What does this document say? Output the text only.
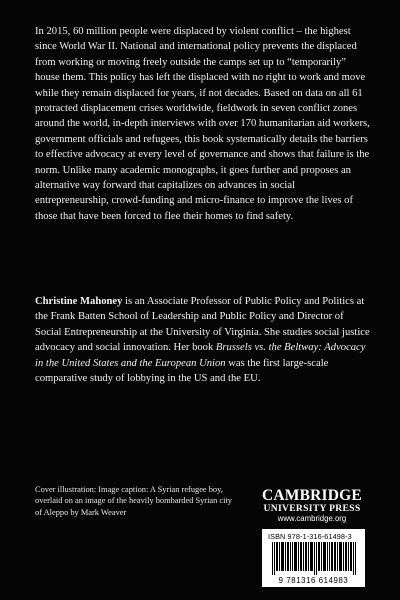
In 2015, 60 million people were displaced by violent conflict – the highest since World War II. National and international policy prevents the displaced from working or moving freely outside the camps set up to “temporarily” house them. This policy has left the displaced with no right to work and move while they remain displaced for years, if not decades. Based on data on all 61 protracted displacement crises worldwide, fieldwork in seven conflict zones around the world, in-depth interviews with over 170 humanitarian aid workers, government officials and refugees, this book systematically details the barriers to effective advocacy at every level of governance and shows that failure is the norm. Unlike many academic monographs, it goes further and proposes an alternative way forward that capitalizes on advances in social entrepreneurship, crowd-funding and micro-finance to improve the lives of those that have been forced to flee their homes to find safety.

Christine Mahoney is an Associate Professor of Public Policy and Politics at the Frank Batten School of Leadership and Public Policy and Director of Social Entrepreneurship at the University of Virginia. She studies social justice advocacy and social innovation. Her book Brussels vs. the Beltway: Advocacy in the United States and the European Union was the first large-scale comparative study of lobbying in the US and the EU.

Cover illustration: Image caption: A Syrian refugee boy, overlaid on an image of the heavily bombarded Syrian city of Aleppo by Mark Weaver

CAMBRIDGE
UNIVERSITY PRESS
www.cambridge.org
ISBN 978-1-316-61498-3
9 781316 614983
